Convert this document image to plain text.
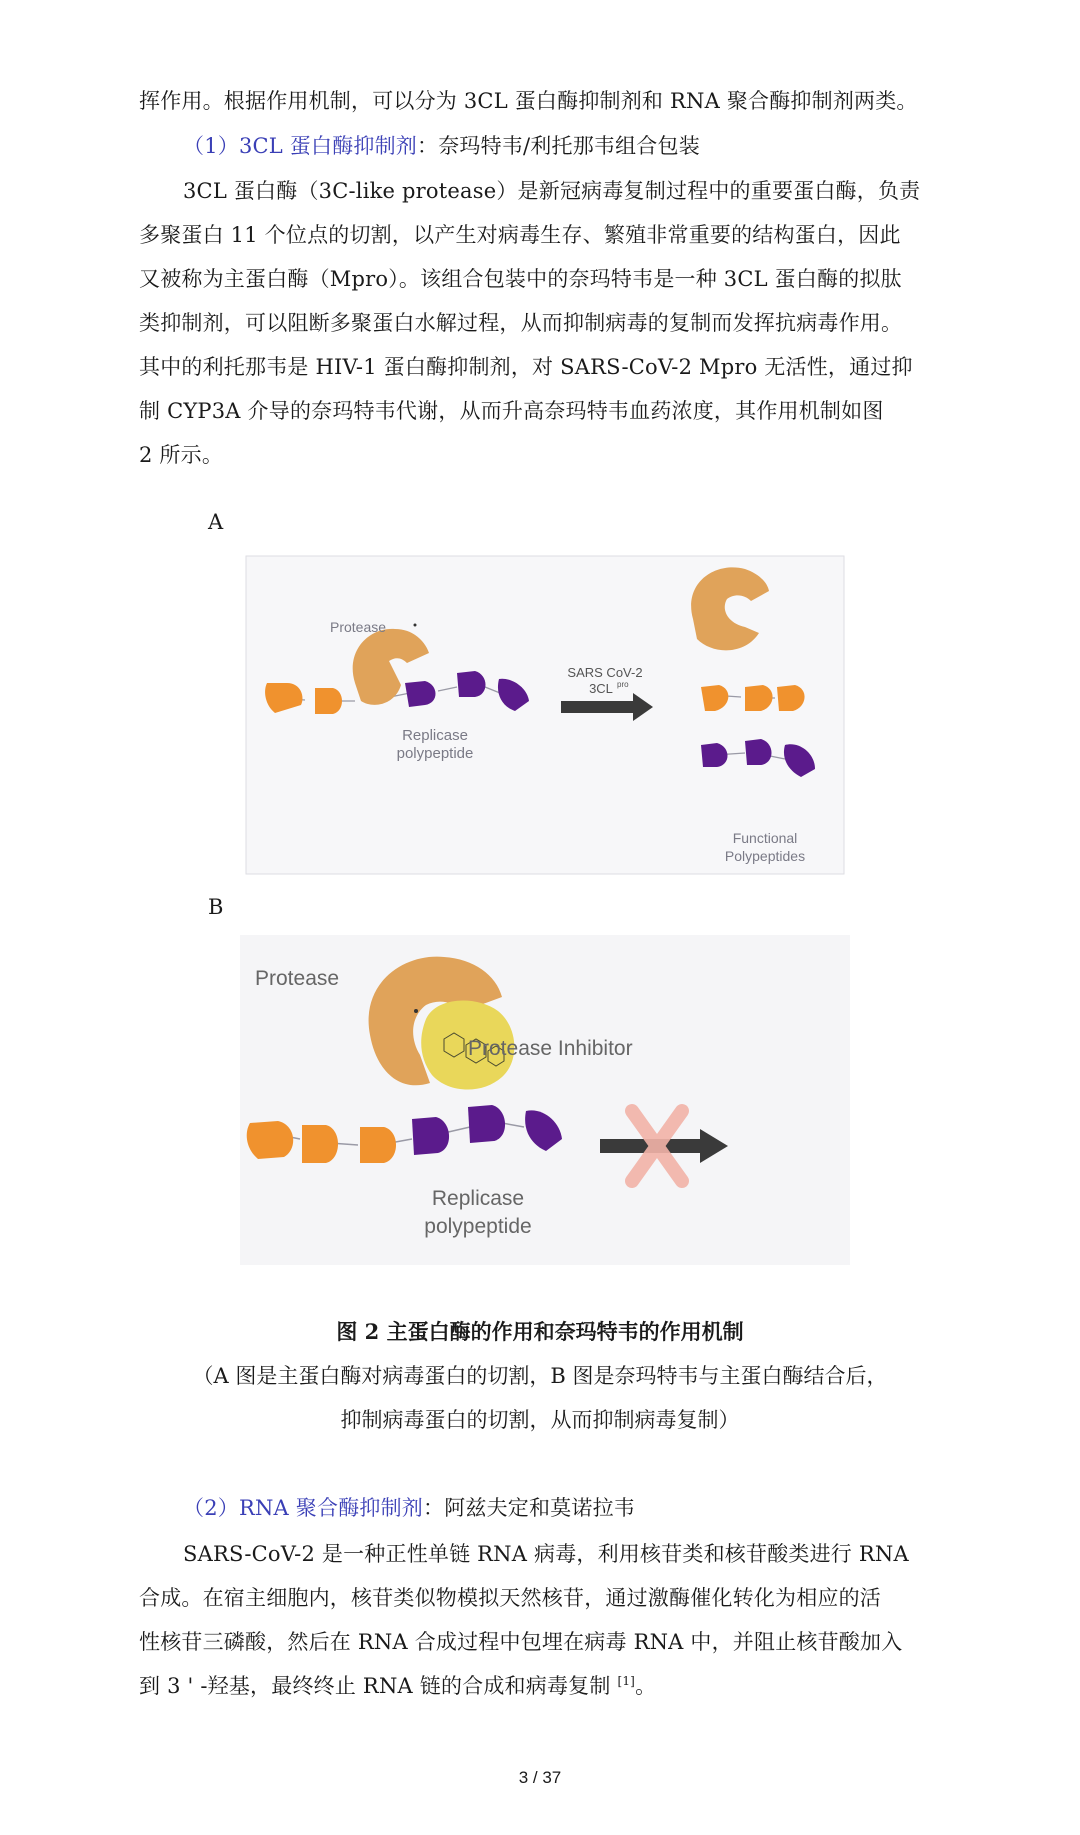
挥作用。根据作用机制，可以分为 3CL 蛋白酶抑制剂和 RNA 聚合酶抑制剂两类。

（1）3CL 蛋白酶抑制剂：奈玛特韦/利托那韦组合包装

3CL 蛋白酶（3C-like protease）是新冠病毒复制过程中的重要蛋白酶，负责

多聚蛋白 11 个位点的切割，以产生对病毒生存、繁殖非常重要的结构蛋白，因此

又被称为主蛋白酶（Mpro）。该组合包装中的奈玛特韦是一种 3CL 蛋白酶的拟肽

类抑制剂，可以阻断多聚蛋白水解过程，从而抑制病毒的复制而发挥抗病毒作用。

其中的利托那韦是 HIV-1 蛋白酶抑制剂，对 SARS-CoV-2 Mpro 无活性，通过抑

制 CYP3A 介导的奈玛特韦代谢，从而升高奈玛特韦血药浓度，其作用机制如图

2 所示。

A
Protease
Replicase
polypeptide
SARS CoV-2
3CL pro
Functional
Polypeptides
B
Protease
Protease Inhibitor
Replicase
polypeptide
图 2 主蛋白酶的作用和奈玛特韦的作用机制
（A 图是主蛋白酶对病毒蛋白的切割，B 图是奈玛特韦与主蛋白酶结合后，
抑制病毒蛋白的切割，从而抑制病毒复制）

（2）RNA 聚合酶抑制剂：阿兹夫定和莫诺拉韦

SARS-CoV-2 是一种正性单链 RNA 病毒，利用核苷类和核苷酸类进行 RNA

合成。在宿主细胞内，核苷类似物模拟天然核苷，通过激酶催化转化为相应的活

性核苷三磷酸，然后在 RNA 合成过程中包埋在病毒 RNA 中，并阻止核苷酸加入

到 3 ' -羟基，最终终止 RNA 链的合成和病毒复制 [1]。

3 / 37
